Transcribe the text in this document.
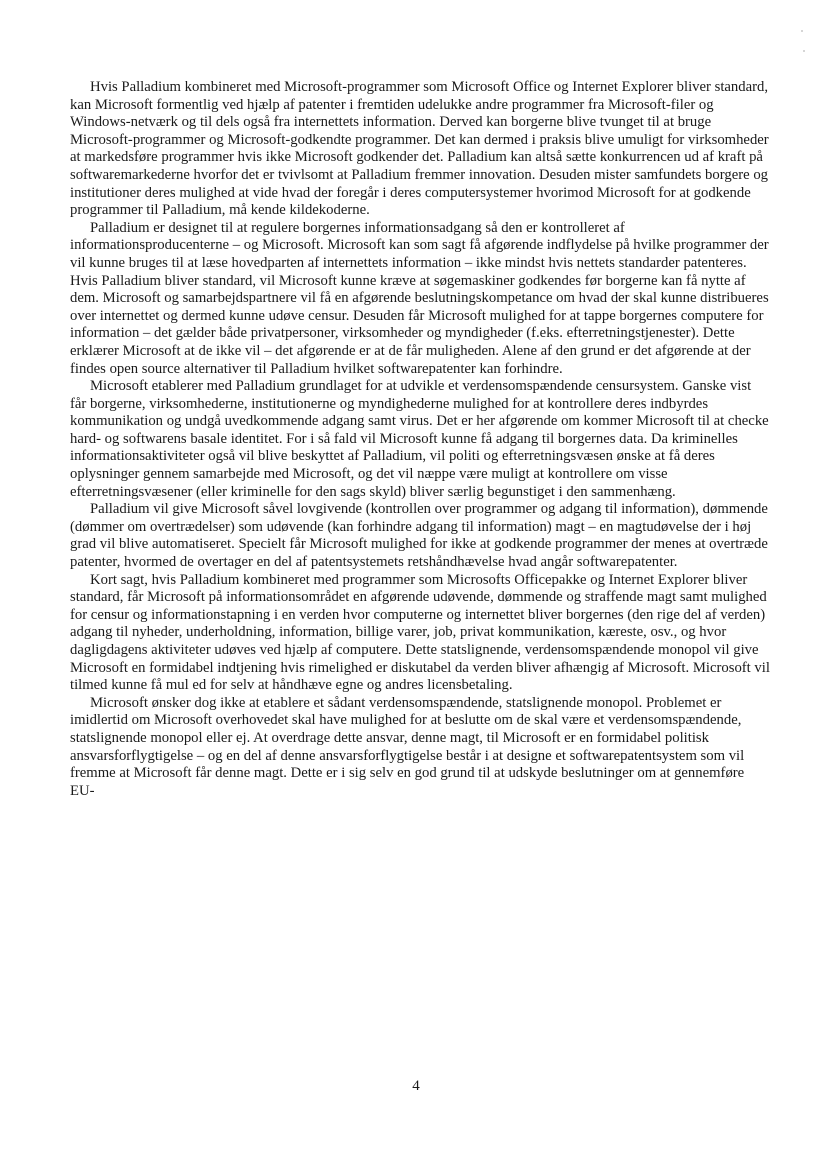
Hvis Palladium kombineret med Microsoft-programmer som Microsoft Office og Internet Explorer bliver standard, kan Microsoft formentlig ved hjælp af patenter i fremtiden udelukke andre programmer fra Microsoft-filer og Windows-netværk og til dels også fra internettets information. Derved kan borgerne blive tvunget til at bruge Microsoft-programmer og Microsoft-godkendte programmer. Det kan dermed i praksis blive umuligt for virksomheder at markedsføre programmer hvis ikke Microsoft godkender det. Palladium kan altså sætte konkurrencen ud af kraft på softwaremarkederne hvorfor det er tvivlsomt at Palladium fremmer innovation. Desuden mister samfundets borgere og institutioner deres mulighed at vide hvad der foregår i deres computersystemer hvorimod Microsoft for at godkende programmer til Palladium, må kende kildekoderne.

Palladium er designet til at regulere borgernes informationsadgang så den er kontrolleret af informationsproducenterne – og Microsoft. Microsoft kan som sagt få afgørende indflydelse på hvilke programmer der vil kunne bruges til at læse hovedparten af internettets information – ikke mindst hvis nettets standarder patenteres. Hvis Palladium bliver standard, vil Microsoft kunne kræve at søgemaskiner godkendes før borgerne kan få nytte af dem. Microsoft og samarbejdspartnere vil få en afgørende beslutningskompetance om hvad der skal kunne distribueres over internettet og dermed kunne udøve censur. Desuden får Microsoft mulighed for at tappe borgernes computere for information – det gælder både privatpersoner, virksomheder og myndigheder (f.eks. efterretningstjenester). Dette erklærer Microsoft at de ikke vil – det afgørende er at de får muligheden. Alene af den grund er det afgørende at der findes open source alternativer til Palladium hvilket softwarepatenter kan forhindre.

Microsoft etablerer med Palladium grundlaget for at udvikle et verdensomspændende censursystem. Ganske vist får borgerne, virksomhederne, institutionerne og myndighederne mulighed for at kontrollere deres indbyrdes kommunikation og undgå uvedkommende adgang samt virus. Det er her afgørende om kommer Microsoft til at checke hard- og softwarens basale identitet. For i så fald vil Microsoft kunne få adgang til borgernes data. Da kriminelles informationsaktiviteter også vil blive beskyttet af Palladium, vil politi og efterretningsvæsen ønske at få deres oplysninger gennem samarbejde med Microsoft, og det vil næppe være muligt at kontrollere om visse efterretningsvæsener (eller kriminelle for den sags skyld) bliver særlig begunstiget i den sammenhæng.

Palladium vil give Microsoft såvel lovgivende (kontrollen over programmer og adgang til information), dømmende (dømmer om overtrædelser) som udøvende (kan forhindre adgang til information) magt – en magtudøvelse der i høj grad vil blive automatiseret. Specielt får Microsoft mulighed for ikke at godkende programmer der menes at overtræde patenter, hvormed de overtager en del af patentsystemets retshåndhævelse hvad angår softwarepatenter.

Kort sagt, hvis Palladium kombineret med programmer som Microsofts Officepakke og Internet Explorer bliver standard, får Microsoft på informationsområdet en afgørende udøvende, dømmende og straffende magt samt mulighed for censur og informationstapning i en verden hvor computerne og internettet bliver borgernes (den rige del af verden) adgang til nyheder, underholdning, information, billige varer, job, privat kommunikation, kæreste, osv., og hvor dagligdagens aktiviteter udøves ved hjælp af computere. Dette statslignende, verdensomspændende monopol vil give Microsoft en formidabel indtjening hvis rimelighed er diskutabel da verden bliver afhængig af Microsoft. Microsoft vil tilmed kunne få mul ed for selv at håndhæve egne og andres licensbetaling.

Microsoft ønsker dog ikke at etablere et sådant verdensomspændende, statslignende monopol. Problemet er imidlertid om Microsoft overhovedet skal have mulighed for at beslutte om de skal være et verdensomspændende, statslignende monopol eller ej. At overdrage dette ansvar, denne magt, til Microsoft er en formidabel politisk ansvarsforflygtigelse – og en del af denne ansvarsforflygtigelse består i at designe et softwarepatentsystem som vil fremme at Microsoft får denne magt. Dette er i sig selv en god grund til at udskyde beslutninger om at gennemføre EU-

4
